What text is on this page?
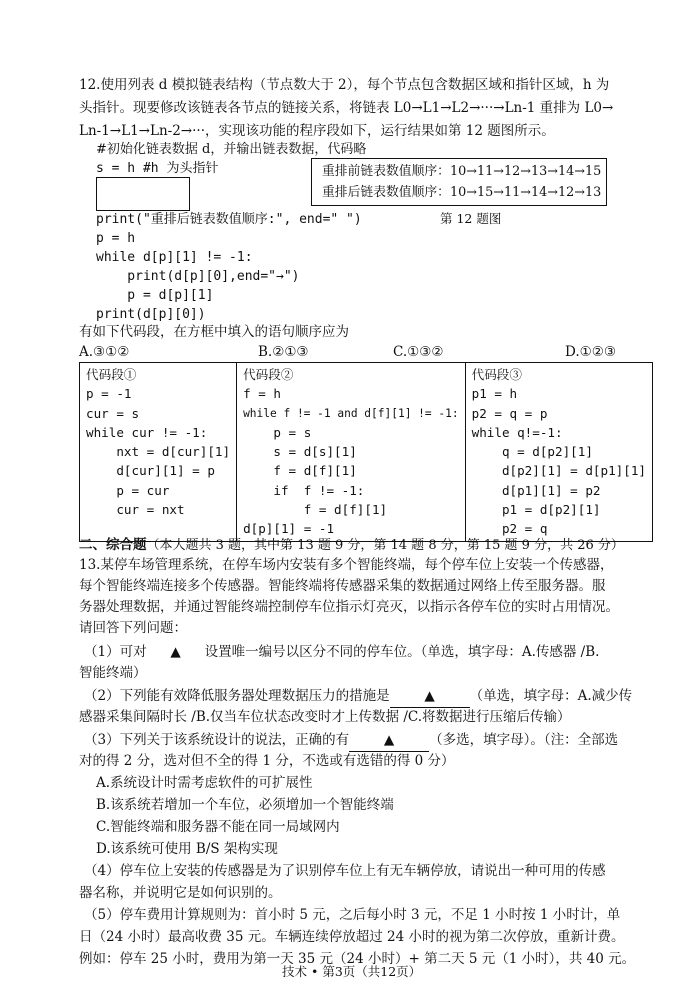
12.使用列表 d 模拟链表结构（节点数大于 2），每个节点包含数据区域和指针区域，h 为
头指针。现要修改该链表各节点的链接关系，将链表 L0→L1→L2→···→Ln-1 重排为 L0→
Ln-1→L1→Ln-2→···，实现该功能的程序段如下，运行结果如第 12 题图所示。
#初始化链表数据 d，并输出链表数据，代码略
s = h #h 为头指针	重排前链表数值顺序：10→11→12→13→14→15
重排后链表数值顺序：10→15→11→14→12→13
第 12 题图
print("重排后链表数值顺序:", end=" ")
p = h
while d[p][1] != -1:
print(d[p][0],end="→")
p = d[p][1]
print(d[p][0])
有如下代码段，在方框中填入的语句顺序应为
A.③①②	B.②①③	C.①③②	D.①②③
代码段①
p = -1
cur = s
while cur != -1:
nxt = d[cur][1]
d[cur][1] = p
p = cur
cur = nxt

代码段②
f = h
while f != -1 and d[f][1] != -1:
p = s
s = d[s][1]
f = d[f][1]
if  f != -1:
f = d[f][1]
d[p][1] = -1

代码段③
p1 = h
p2 = q = p
while q!=-1:
q = d[p2][1]
d[p2][1] = d[p1][1]
d[p1][1] = p2
p1 = d[p2][1]
p2 = q
二、综合题（本大题共 3 题，其中第 13 题 9 分，第 14 题 8 分，第 15 题 9 分，共 26 分）
13.某停车场管理系统，在停车场内安装有多个智能终端，每个停车位上安装一个传感器，
每个智能终端连接多个传感器。智能终端将传感器采集的数据通过网络上传至服务器。服
务器处理数据，并通过智能终端控制停车位指示灯亮灭，以指示各停车位的实时占用情况。
请回答下列问题：
（1）可对 ▲ 设置唯一编号以区分不同的停车位。（单选，填字母：A.传感器 /B.
智能终端）
（2）下列能有效降低服务器处理数据压力的措施是	▲	（单选，填字母：A.减少传
感器采集间隔时长 /B.仅当车位状态改变时才上传数据 /C.将数据进行压缩后传输）
（3）下列关于该系统设计的说法，正确的有	▲	（多选，填字母）。（注：全部选
对的得 2 分，选对但不全的得 1 分，不选或有选错的得 0 分）
A.系统设计时需考虑软件的可扩展性
B.该系统若增加一个车位，必须增加一个智能终端
C.智能终端和服务器不能在同一局域网内
D.该系统可使用 B/S 架构实现
（4）停车位上安装的传感器是为了识别停车位上有无车辆停放，请说出一种可用的传感
器名称，并说明它是如何识别的。
（5）停车费用计算规则为：首小时 5 元，之后每小时 3 元，不足 1 小时按 1 小时计，单
日（24 小时）最高收费 35 元。车辆连续停放超过 24 小时的视为第二次停放，重新计费。
例如：停车 25 小时，费用为第一天 35 元（24 小时）+ 第二天 5 元（1 小时），共 40 元。
技术 • 第3页（共12页）
